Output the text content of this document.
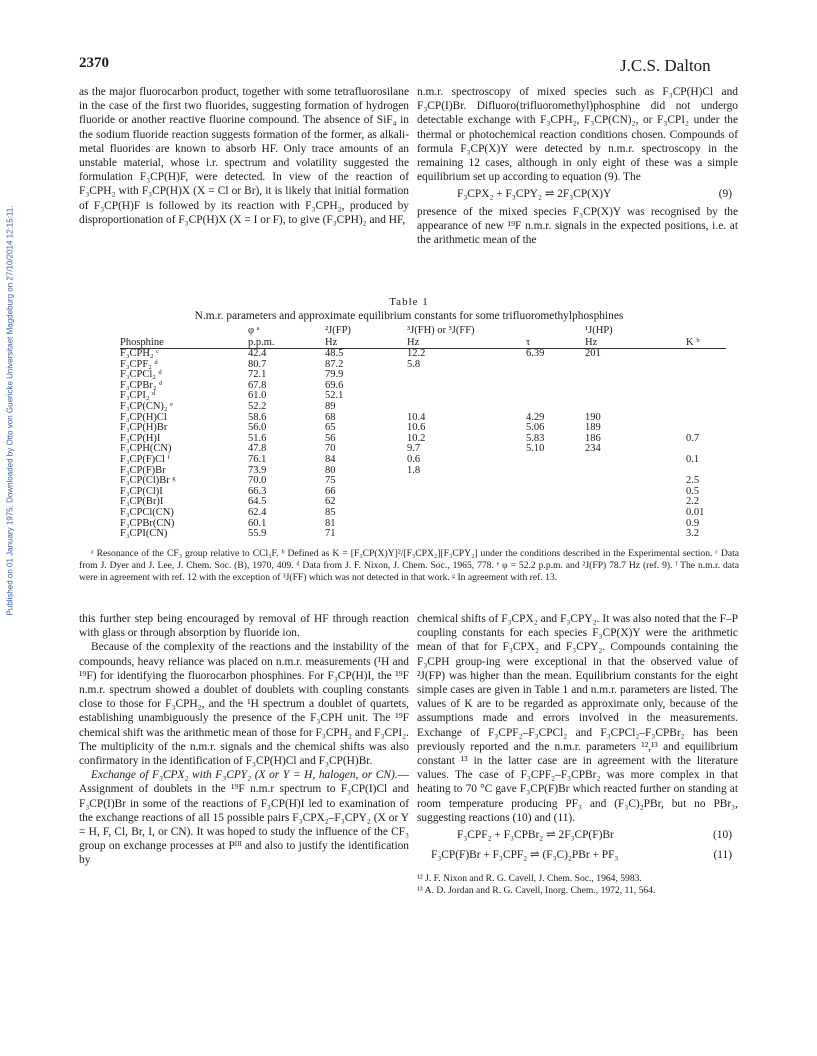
Published on 01 January 1975. Downloaded by Otto von Guericke Universitaet Magdeburg on 27/10/2014 12:15:11.
2370	J.C.S. Dalton

as the major fluorocarbon product, together with some tetrafluorosilane in the case of the first two fluorides, suggesting formation of hydrogen fluoride or another reactive fluorine compound. The absence of SiF₄ in the sodium fluoride reaction suggests formation of the former, as alkali-metal fluorides are known to absorb HF. Only trace amounts of an unstable material, whose i.r. spectrum and volatility suggested the formulation F₃CP(H)F, were detected. In view of the reaction of F₃CPH₂ with F₃CP(H)X (X = Cl or Br), it is likely that initial formation of F₃CP(H)F is followed by its reaction with F₃CPH₂, produced by disproportionation of F₃CP(H)X (X = I or F), to give (F₃CPH)₂ and HF,

n.m.r. spectroscopy of mixed species such as F₃CP(H)Cl and F₃CP(I)Br. Difluoro(trifluoromethyl)phosphine did not undergo detectable exchange with F₃CPH₂, F₃CP(CN)₂, or F₃CPI₂ under the thermal or photochemical reaction conditions chosen. Compounds of formula F₃CP(X)Y were detected by n.m.r. spectroscopy in the remaining 12 cases, although in only eight of these was a simple equilibrium set up according to equation (9). The

F₃CPX₂ + F₃CPY₂ ⇌ 2F₃CP(X)Y	(9)

presence of the mixed species F₃CP(X)Y was recognised by the appearance of new ¹⁹F n.m.r. signals in the expected positions, i.e. at the arithmetic mean of the

Table 1
N.m.r. parameters and approximate equilibrium constants for some trifluoromethylphosphines
	φ ᵃ	²J(FP)	³J(FH) or ³J(FF)		¹J(HP)	
Phosphine	p.p.m.	Hz	Hz	τ	Hz	K ᵇ
F₃CPH₂ ᶜ	42.4	48.5	12.2	6.39	201	
F₃CPF₂ ᵈ	80.7	87.2	5.8			
F₃CPCl₂ ᵈ	72.1	79.9				
F₃CPBr₂ ᵈ	67.8	69.6				
F₃CPI₂ ᵈ	61.0	52.1				
F₃CP(CN)₂ ᵉ	52.2	89				
F₃CP(H)Cl	58.6	68	10.4	4.29	190	
F₃CP(H)Br	56.0	65	10.6	5.06	189	
F₃CP(H)I	51.6	56	10.2	5.83	186	0.7
F₃CPH(CN)	47.8	70	9.7	5.10	234	
F₃CP(F)Cl ᶠ	76.1	84	0.6			0.1
F₃CP(F)Br	73.9	80	1.8			
F₃CP(Cl)Br ᵍ	70.0	75				2.5
F₃CP(Cl)I	66.3	66				0.5
F₃CP(Br)I	64.5	62				2.2
F₃CPCl(CN)	62.4	85				0.01
F₃CPBr(CN)	60.1	81				0.9
F₃CPI(CN)	55.9	71				3.2

ᵃ Resonance of the CF₃ group relative to CCl₃F. ᵇ Defined as K = [F₃CP(X)Y]²/[F₃CPX₂][F₃CPY₂] under the conditions described in the Experimental section. ᶜ Data from J. Dyer and J. Lee, J. Chem. Soc. (B), 1970, 409. ᵈ Data from J. F. Nixon, J. Chem. Soc., 1965, 778. ᵉ φ = 52.2 p.p.m. and ²J(FP) 78.7 Hz (ref. 9). ᶠ The n.m.r. data were in agreement with ref. 12 with the exception of ³J(FF) which was not detected in that work. ᵍ In agreement with ref. 13.

this further step being encouraged by removal of HF through reaction with glass or through absorption by fluoride ion.

Because of the complexity of the reactions and the instability of the compounds, heavy reliance was placed on n.m.r. measurements (¹H and ¹⁹F) for identifying the fluorocarbon phosphines. For F₃CP(H)I, the ¹⁹F n.m.r. spectrum showed a doublet of doublets with coupling constants close to those for F₃CPH₂, and the ¹H spectrum a doublet of quartets, establishing unambiguously the presence of the F₃CPH unit. The ¹⁹F chemical shift was the arithmetic mean of those for F₃CPH₂ and F₃CPI₂. The multiplicity of the n.m.r. signals and the chemical shifts was also confirmatory in the identification of F₃CP(H)Cl and F₃CP(H)Br.

Exchange of F₃CPX₂ with F₃CPY₂ (X or Y = H, halogen, or CN).—Assignment of doublets in the ¹⁹F n.m.r spectrum to F₃CP(I)Cl and F₃CP(I)Br in some of the reactions of F₃CP(H)I led to examination of the exchange reactions of all 15 possible pairs F₃CPX₂–F₃CPY₂ (X or Y = H, F, Cl, Br, I, or CN). It was hoped to study the influence of the CF₃ group on exchange processes at Pᴵᴵᴵ and also to justify the identification by

chemical shifts of F₃CPX₂ and F₃CPY₂. It was also noted that the F–P coupling constants for each species F₃CP(X)Y were the arithmetic mean of that for F₃CPX₂ and F₃CPY₂. Compounds containing the F₃CPH group-ing were exceptional in that the observed value of ²J(FP) was higher than the mean. Equilibrium constants for the eight simple cases are given in Table 1 and n.m.r. parameters are listed. The values of K are to be regarded as approximate only, because of the assumptions made and errors involved in the measurements. Exchange of F₃CPF₂–F₃CPCl₂ and F₃CPCl₂–F₃CPBr₂ has been previously reported and the n.m.r. parameters ¹²,¹³ and equilibrium constant ¹³ in the latter case are in agreement with the literature values. The case of F₃CPF₂–F₃CPBr₂ was more complex in that heating to 70 °C gave F₃CP(F)Br which reacted further on standing at room temperature producing PF₃ and (F₃C)₂PBr, but no PBr₃, suggesting reactions (10) and (11).

F₃CPF₂ + F₃CPBr₂ ⇌ 2F₃CP(F)Br	(10)
F₃CP(F)Br + F₃CPF₂ ⇌ (F₃C)₂PBr + PF₃	(11)
¹² J. F. Nixon and R. G. Cavell, J. Chem. Soc., 1964, 5983.
¹³ A. D. Jordan and R. G. Cavell, Inorg. Chem., 1972, 11, 564.
